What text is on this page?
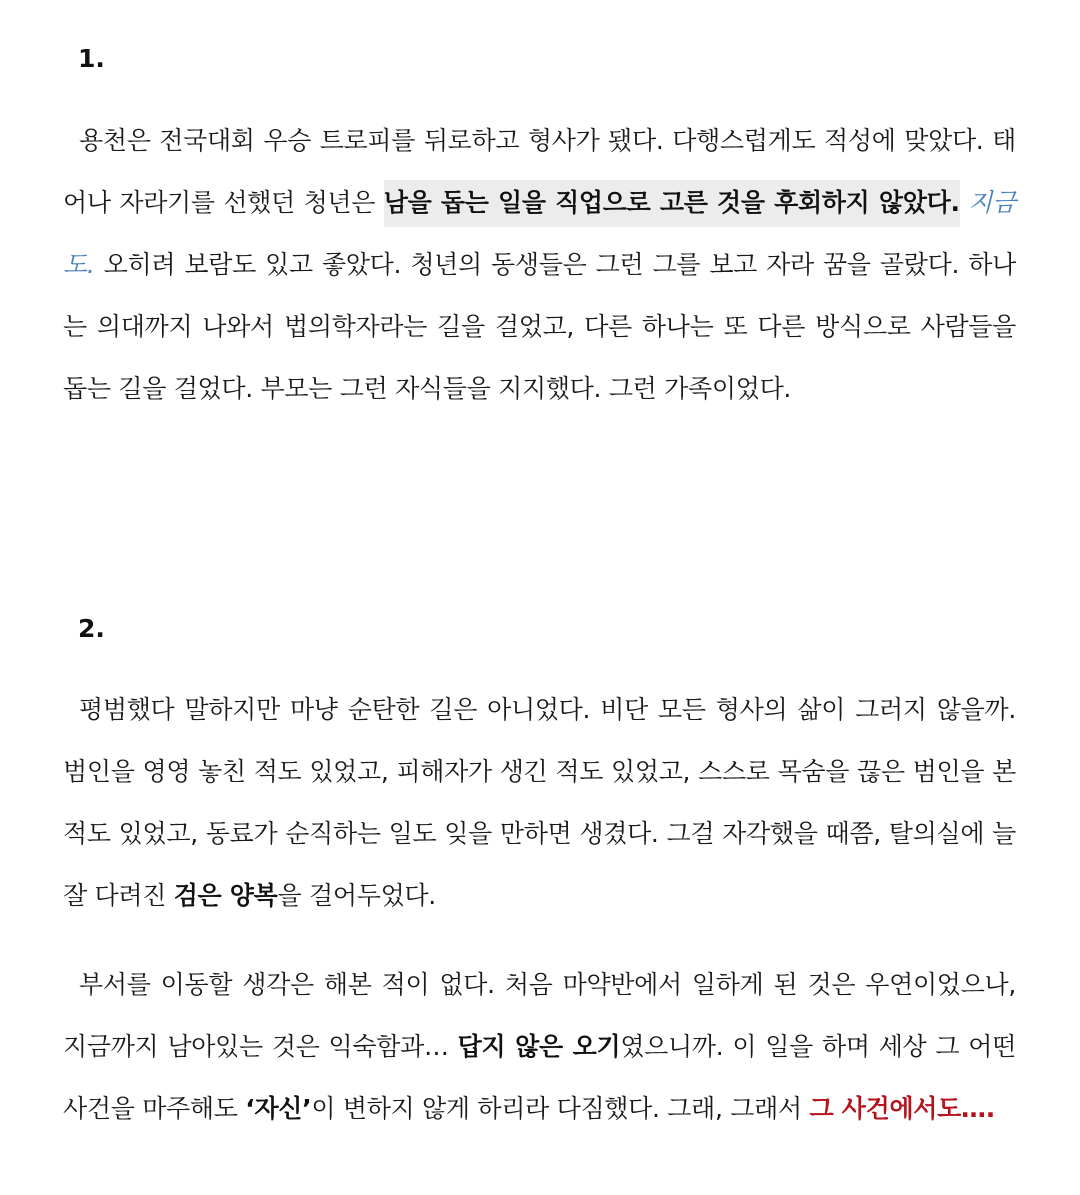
1.

용천은 전국대회 우승 트로피를 뒤로하고 형사가 됐다. 다행스럽게도 적성에 맞았다. 태어나 자라기를 선했던 청년은 남을 돕는 일을 직업으로 고른 것을 후회하지 않았다. 지금도. 오히려 보람도 있고 좋았다. 청년의 동생들은 그런 그를 보고 자라 꿈을 골랐다. 하나는 의대까지 나와서 법의학자라는 길을 걸었고, 다른 하나는 또 다른 방식으로 사람들을 돕는 길을 걸었다. 부모는 그런 자식들을 지지했다. 그런 가족이었다.

2.

평범했다 말하지만 마냥 순탄한 길은 아니었다. 비단 모든 형사의 삶이 그러지 않을까. 범인을 영영 놓친 적도 있었고, 피해자가 생긴 적도 있었고, 스스로 목숨을 끊은 범인을 본 적도 있었고, 동료가 순직하는 일도 잊을 만하면 생겼다. 그걸 자각했을 때쯤, 탈의실에 늘 잘 다려진 검은 양복을 걸어두었다.

부서를 이동할 생각은 해본 적이 없다. 처음 마약반에서 일하게 된 것은 우연이었으나, 지금까지 남아있는 것은 익숙함과… 답지 않은 오기였으니까. 이 일을 하며 세상 그 어떤 사건을 마주해도 ‘자신’이 변하지 않게 하리라 다짐했다. 그래, 그래서 그 사건에서도….
